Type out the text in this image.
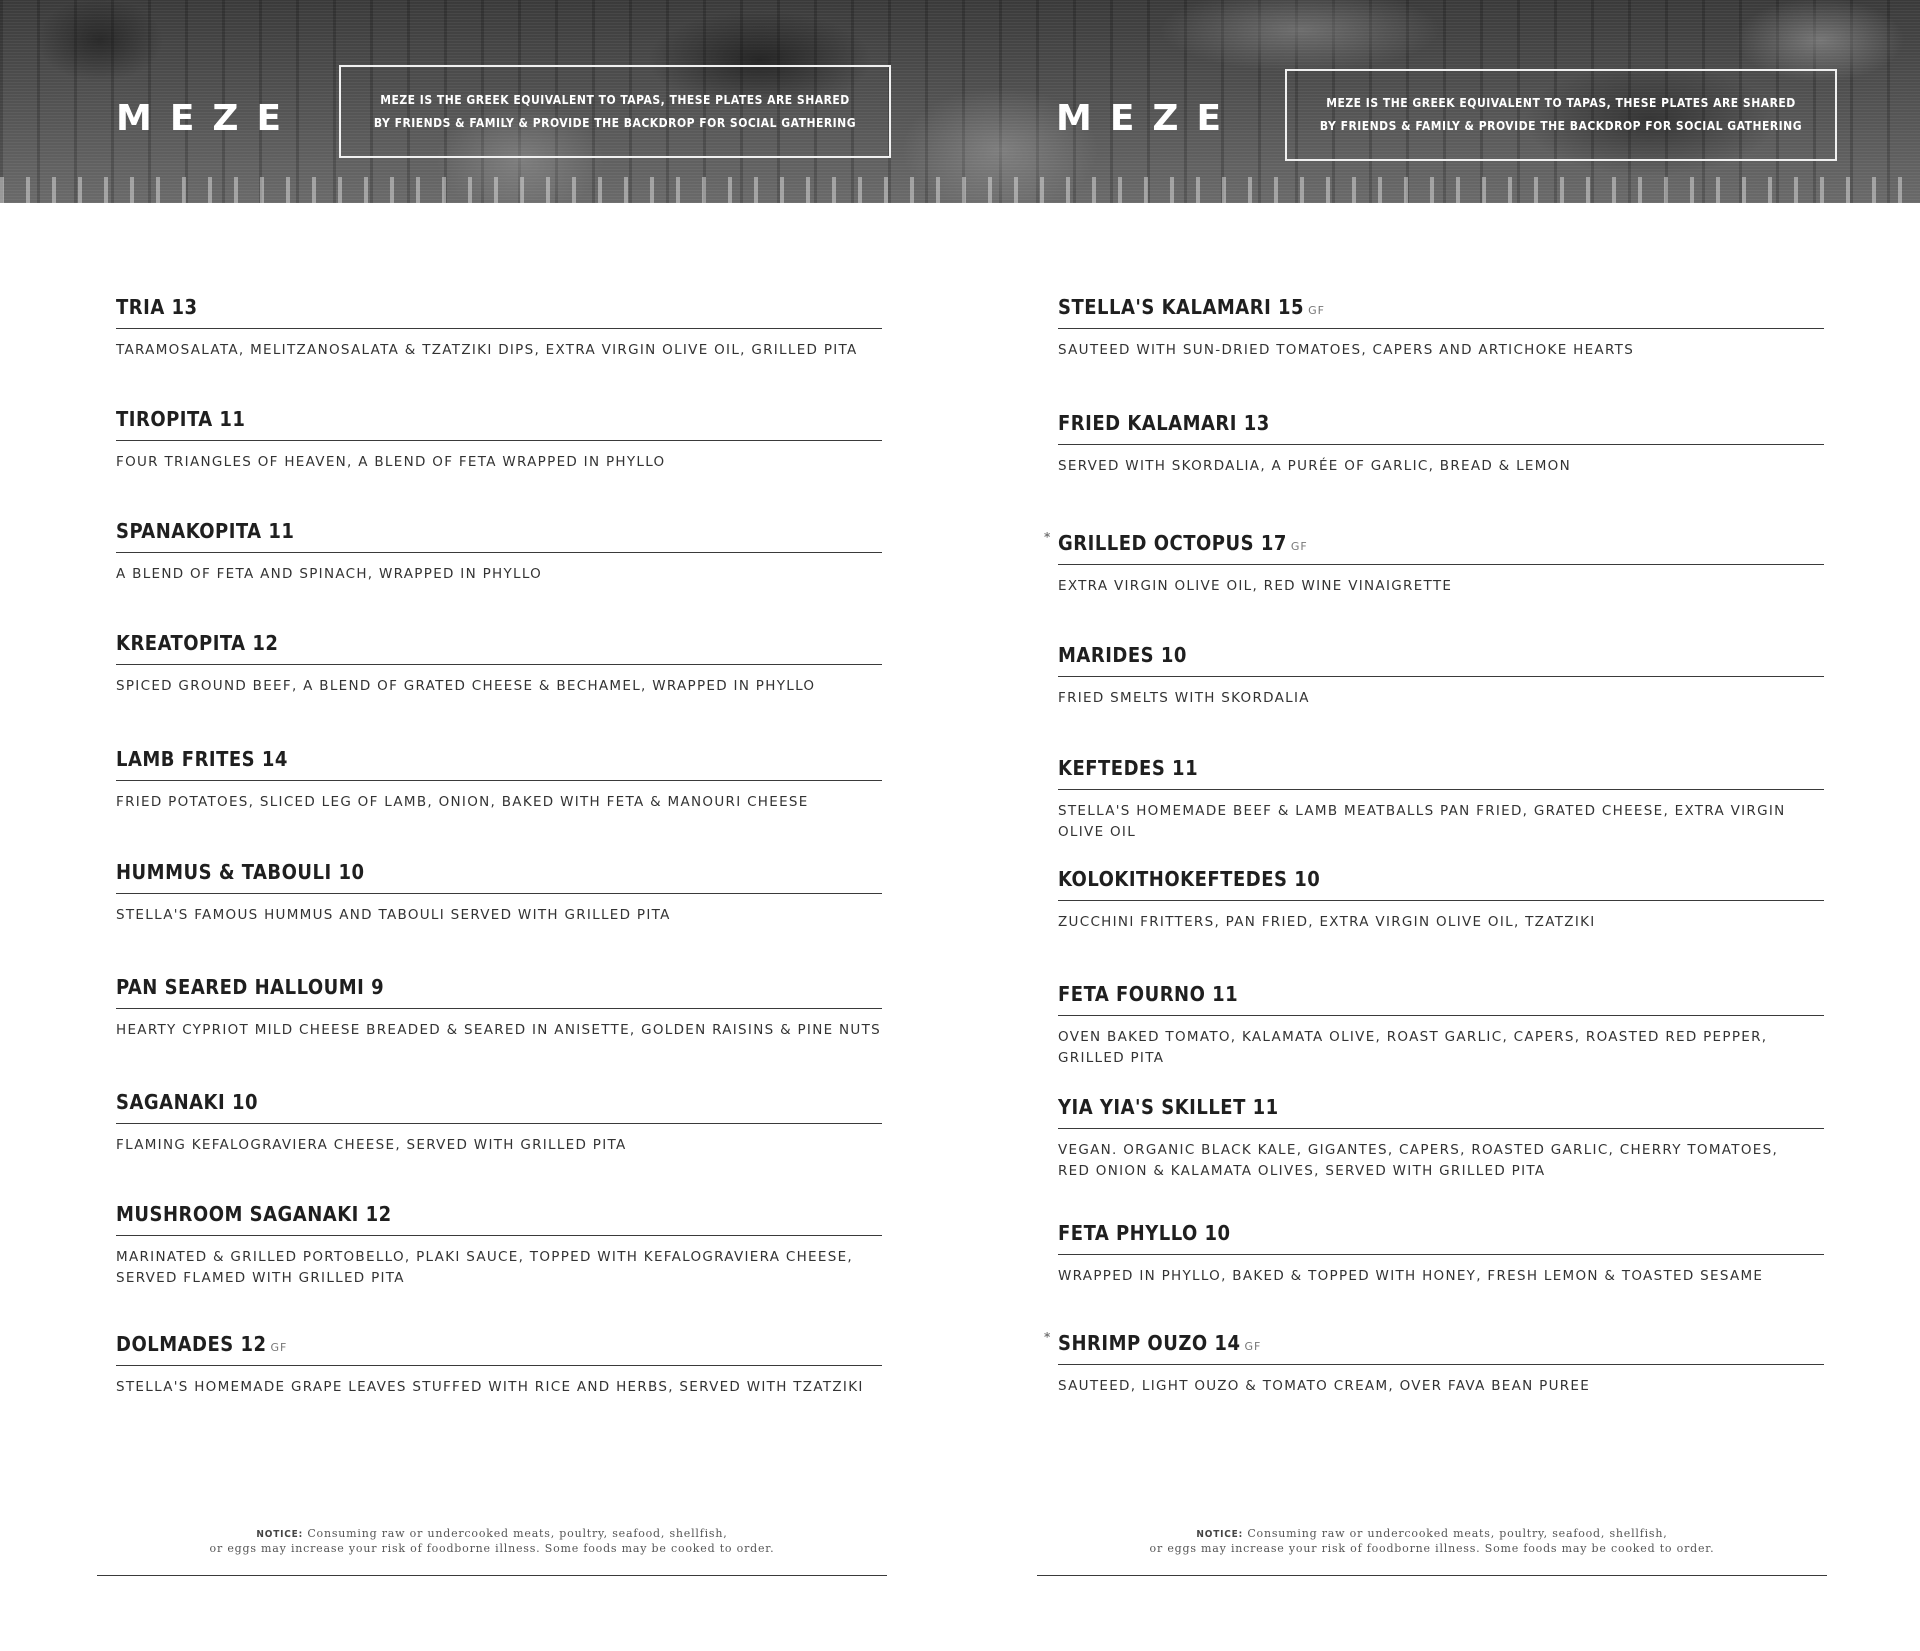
MEZE	MEZE IS THE GREEK EQUIVALENT TO TAPAS, THESE PLATES ARE SHARED
BY FRIENDS & FAMILY & PROVIDE THE BACKDROP FOR SOCIAL GATHERING	MEZE	MEZE IS THE GREEK EQUIVALENT TO TAPAS, THESE PLATES ARE SHARED
BY FRIENDS & FAMILY & PROVIDE THE BACKDROP FOR SOCIAL GATHERING
TRIA 13
TARAMOSALATA, MELITZANOSALATA & TZATZIKI DIPS, EXTRA VIRGIN OLIVE OIL, GRILLED PITA
TIROPITA 11
FOUR TRIANGLES OF HEAVEN, A BLEND OF FETA WRAPPED IN PHYLLO
SPANAKOPITA 11
A BLEND OF FETA AND SPINACH, WRAPPED IN PHYLLO
KREATOPITA 12
SPICED GROUND BEEF, A BLEND OF GRATED CHEESE & BECHAMEL, WRAPPED IN PHYLLO
LAMB FRITES 14
FRIED POTATOES, SLICED LEG OF LAMB, ONION, BAKED WITH FETA & MANOURI CHEESE
HUMMUS & TABOULI 10
STELLA'S FAMOUS HUMMUS AND TABOULI SERVED WITH GRILLED PITA
PAN SEARED HALLOUMI 9
HEARTY CYPRIOT MILD CHEESE BREADED & SEARED IN ANISETTE, GOLDEN RAISINS & PINE NUTS
SAGANAKI 10
FLAMING KEFALOGRAVIERA CHEESE, SERVED WITH GRILLED PITA
MUSHROOM SAGANAKI 12
MARINATED & GRILLED PORTOBELLO, PLAKI SAUCE, TOPPED WITH KEFALOGRAVIERA CHEESE,
SERVED FLAMED WITH GRILLED PITA
DOLMADES 12 GF
STELLA'S HOMEMADE GRAPE LEAVES STUFFED WITH RICE AND HERBS, SERVED WITH TZATZIKI
STELLA'S KALAMARI 15 GF
SAUTEED WITH SUN-DRIED TOMATOES, CAPERS AND ARTICHOKE HEARTS
FRIED KALAMARI 13
SERVED WITH SKORDALIA, A PURÉE OF GARLIC, BREAD & LEMON
* GRILLED OCTOPUS 17 GF
EXTRA VIRGIN OLIVE OIL, RED WINE VINAIGRETTE
MARIDES 10
FRIED SMELTS WITH SKORDALIA
KEFTEDES 11
STELLA'S HOMEMADE BEEF & LAMB MEATBALLS PAN FRIED, GRATED CHEESE, EXTRA VIRGIN OLIVE OIL
KOLOKITHOKEFTEDES 10
ZUCCHINI FRITTERS, PAN FRIED, EXTRA VIRGIN OLIVE OIL, TZATZIKI
FETA FOURNO 11
OVEN BAKED TOMATO, KALAMATA OLIVE, ROAST GARLIC, CAPERS, ROASTED RED PEPPER, GRILLED PITA
YIA YIA'S SKILLET 11
VEGAN. ORGANIC BLACK KALE, GIGANTES, CAPERS, ROASTED GARLIC, CHERRY TOMATOES,
RED ONION & KALAMATA OLIVES, SERVED WITH GRILLED PITA
FETA PHYLLO 10
WRAPPED IN PHYLLO, BAKED & TOPPED WITH HONEY, FRESH LEMON & TOASTED SESAME
* SHRIMP OUZO 14 GF
SAUTEED, LIGHT OUZO & TOMATO CREAM, OVER FAVA BEAN PUREE
NOTICE: Consuming raw or undercooked meats, poultry, seafood, shellfish,
or eggs may increase your risk of foodborne illness. Some foods may be cooked to order.
NOTICE: Consuming raw or undercooked meats, poultry, seafood, shellfish,
or eggs may increase your risk of foodborne illness. Some foods may be cooked to order.
